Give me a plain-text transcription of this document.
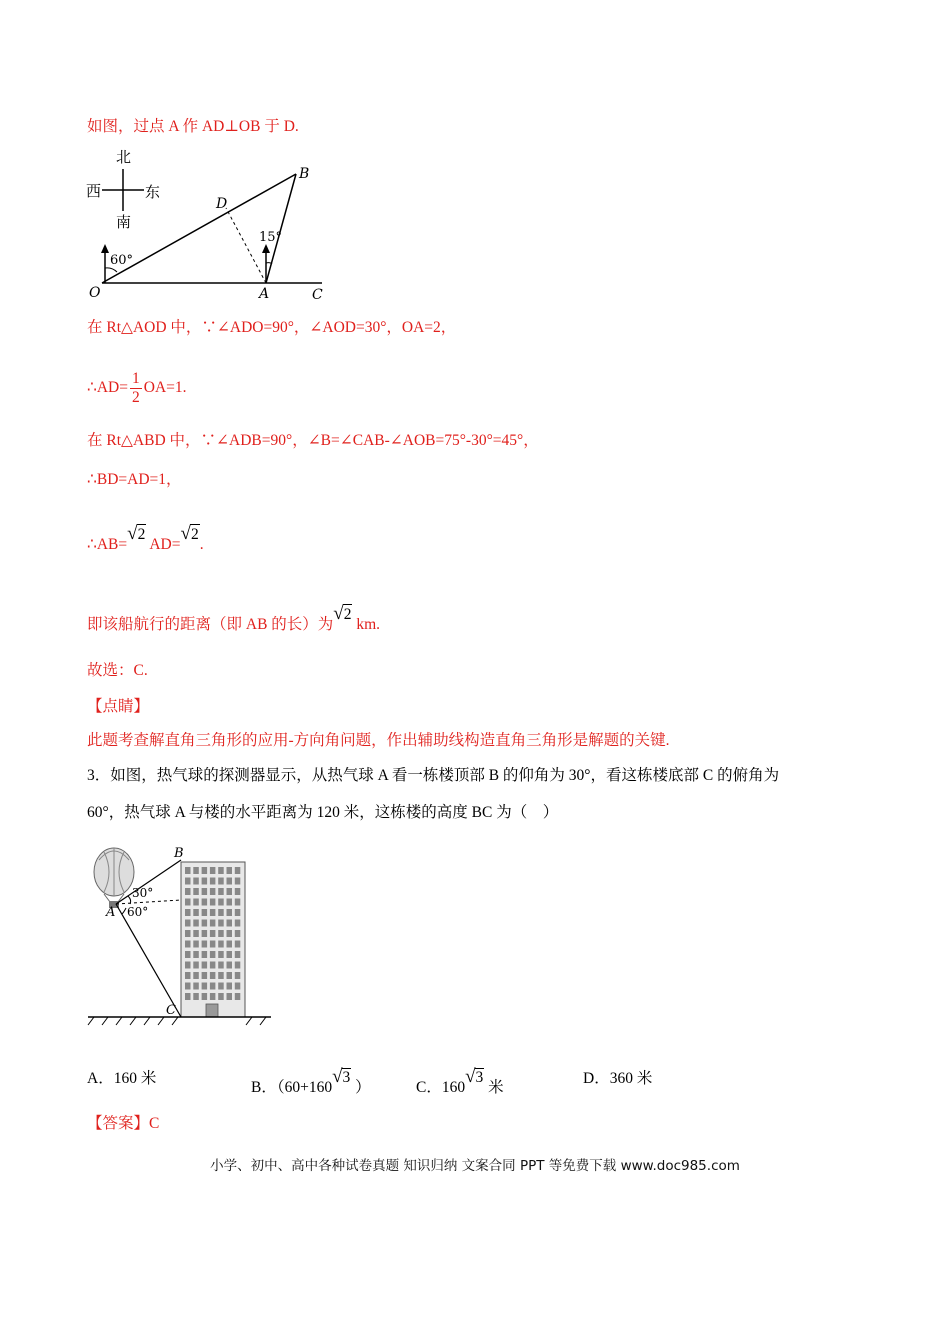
如图，过点 A 作 AD⊥OB 于 D.
北
西	东
南
60°
15°
O	A
B
C
D
在 Rt△AOD 中，∵∠ADO=90°，∠AOD=30°，OA=2，
∴AD= $\frac{1}{2} OA=1$.
在 Rt△ABD 中，∵∠ADB=90°，∠B=∠CAB-∠AOB=75°-30°=45°，
∴BD=AD=1，
∴AB=√2 AD=√2.
即该船航行的距离（即 AB 的长）为√2 km.
故选：C.
【点睛】
此题考查解直角三角形的应用-方向角问题，作出辅助线构造直角三角形是解题的关键.
3．如图，热气球的探测器显示，从热气球 A 看一栋楼顶部 B 的仰角为 30°，看这栋楼底部 C 的俯角为
60°，热气球 A 与楼的水平距离为 120 米，这栋楼的高度 BC 为（　）
30°
60°
A
B
C
A．160 米
B．（60+160√3 ）	C．160√3 米
D．360 米
【答案】C
小学、初中、高中各种试卷真题 知识归纳 文案合同 PPT 等免费下载 www.doc985.com
